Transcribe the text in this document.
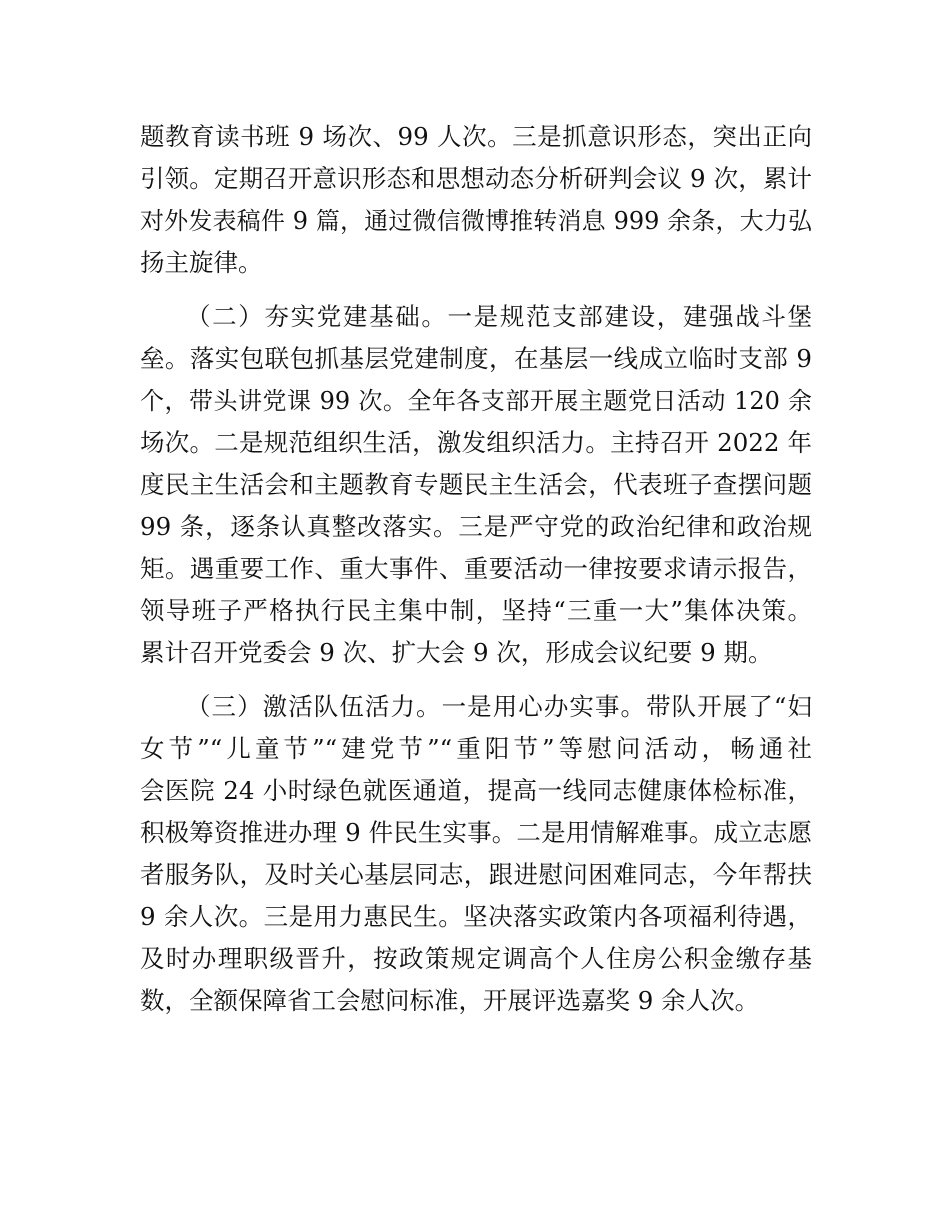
题教育读书班 9 场次、99 人次。三是抓意识形态，突出正向
引领。定期召开意识形态和思想动态分析研判会议 9 次，累计
对外发表稿件 9 篇，通过微信微博推转消息 999 余条，大力弘
扬主旋律。
（二）夯实党建基础。一是规范支部建设，建强战斗堡
垒。落实包联包抓基层党建制度，在基层一线成立临时支部 9
个，带头讲党课 99 次。全年各支部开展主题党日活动 120 余
场次。二是规范组织生活，激发组织活力。主持召开 2022 年
度民主生活会和主题教育专题民主生活会，代表班子查摆问题
99 条，逐条认真整改落实。三是严守党的政治纪律和政治规
矩。遇重要工作、重大事件、重要活动一律按要求请示报告，
领导班子严格执行民主集中制，坚持“三重一大”集体决策。
累计召开党委会 9 次、扩大会 9 次，形成会议纪要 9 期。
（三）激活队伍活力。一是用心办实事。带队开展了“妇
女节”“儿童节”“建党节”“重阳节”等慰问活动，畅通社
会医院 24 小时绿色就医通道，提高一线同志健康体检标准，
积极筹资推进办理 9 件民生实事。二是用情解难事。成立志愿
者服务队，及时关心基层同志，跟进慰问困难同志，今年帮扶
9 余人次。三是用力惠民生。坚决落实政策内各项福利待遇，
及时办理职级晋升，按政策规定调高个人住房公积金缴存基
数，全额保障省工会慰问标准，开展评选嘉奖 9 余人次。
